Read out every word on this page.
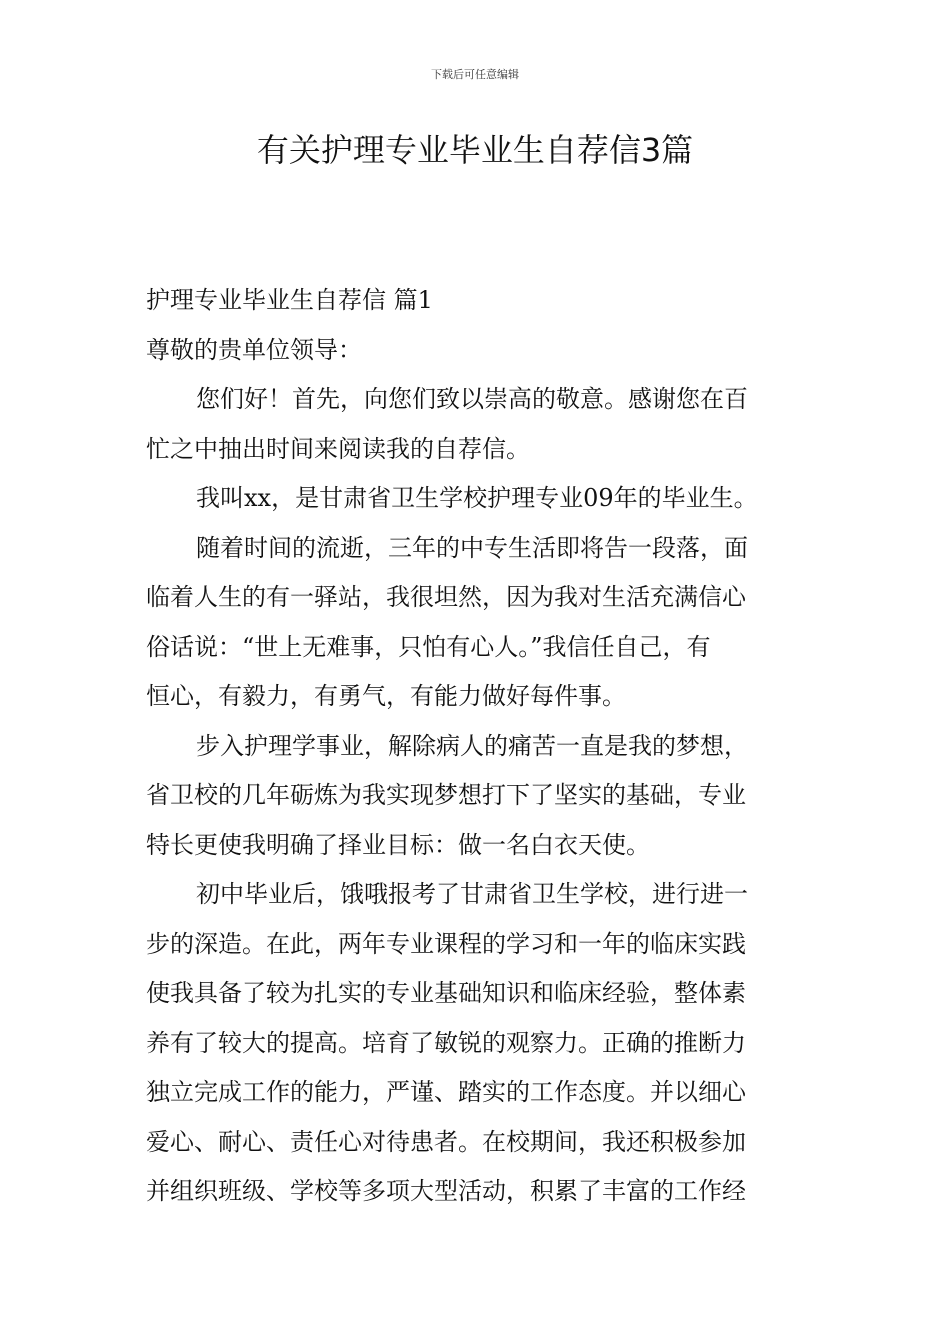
下载后可任意编辑
有关护理专业毕业生自荐信3篇
护理专业毕业生自荐信 篇1
尊敬的贵单位领导：
您们好！首先，向您们致以崇高的敬意。感谢您在百
忙之中抽出时间来阅读我的自荐信。
我叫xx，是甘肃省卫生学校护理专业09年的毕业生。
随着时间的流逝，三年的中专生活即将告一段落，面
临着人生的有一驿站，我很坦然，因为我对生活充满信心
俗话说：“世上无难事，只怕有心人。”我信任自己，有
恒心，有毅力，有勇气，有能力做好每件事。
步入护理学事业，解除病人的痛苦一直是我的梦想，
省卫校的几年砺炼为我实现梦想打下了坚实的基础，专业
特长更使我明确了择业目标：做一名白衣天使。
初中毕业后，饿哦报考了甘肃省卫生学校，进行进一
步的深造。在此，两年专业课程的学习和一年的临床实践
使我具备了较为扎实的专业基础知识和临床经验，整体素
养有了较大的提高。培育了敏锐的观察力。正确的推断力
独立完成工作的能力，严谨、踏实的工作态度。并以细心
爱心、耐心、责任心对待患者。在校期间，我还积极参加
并组织班级、学校等多项大型活动，积累了丰富的工作经
